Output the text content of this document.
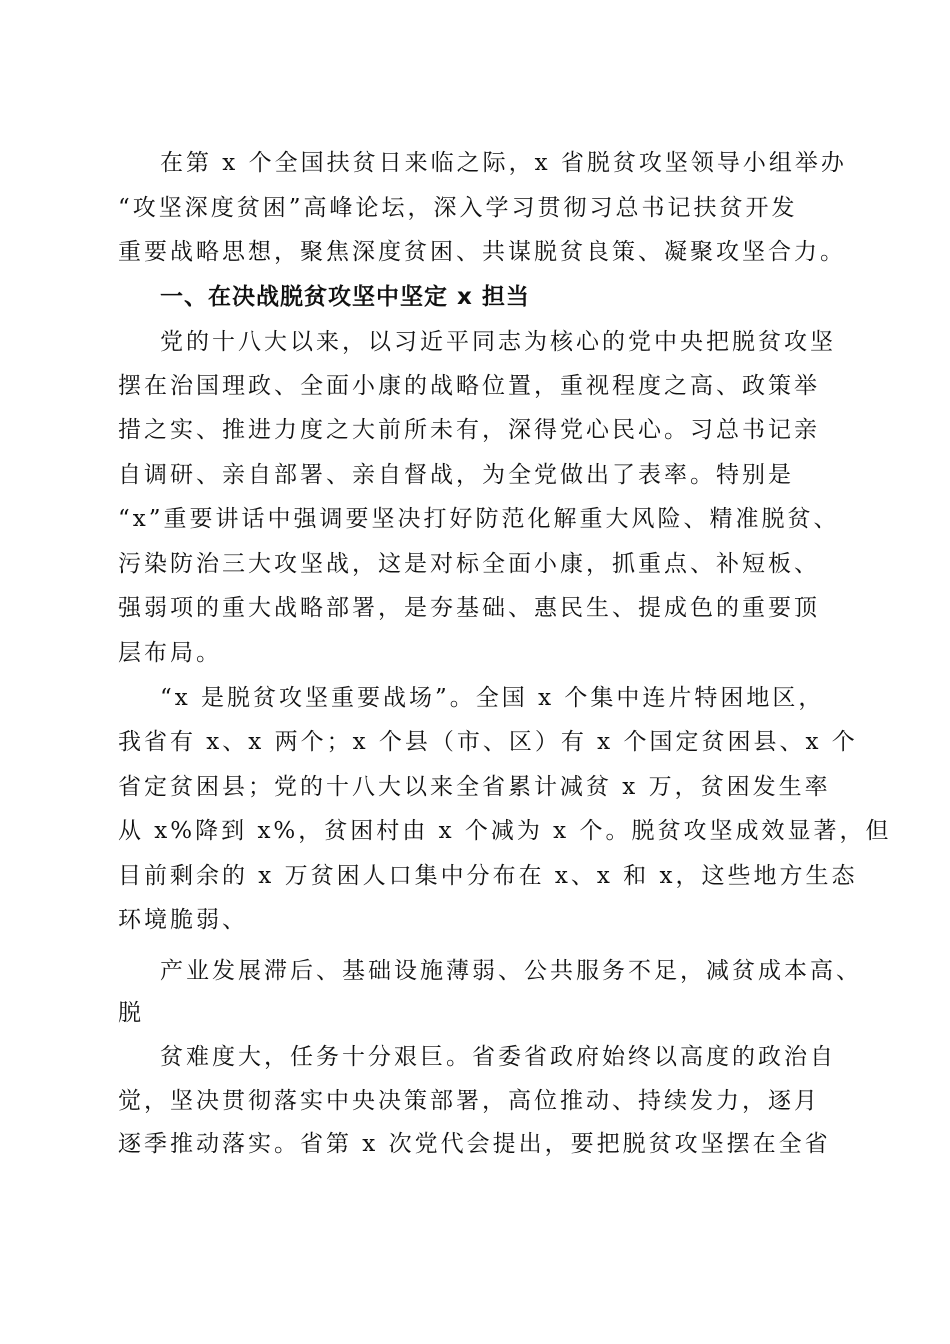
在第 x 个全国扶贫日来临之际，x 省脱贫攻坚领导小组举办
“攻坚深度贫困”高峰论坛，深入学习贯彻习总书记扶贫开发
重要战略思想，聚焦深度贫困、共谋脱贫良策、凝聚攻坚合力。
一、在决战脱贫攻坚中坚定 x 担当
党的十八大以来，以习近平同志为核心的党中央把脱贫攻坚
摆在治国理政、全面小康的战略位置，重视程度之高、政策举
措之实、推进力度之大前所未有，深得党心民心。习总书记亲
自调研、亲自部署、亲自督战，为全党做出了表率。特别是
“x”重要讲话中强调要坚决打好防范化解重大风险、精准脱贫、
污染防治三大攻坚战，这是对标全面小康，抓重点、补短板、
强弱项的重大战略部署，是夯基础、惠民生、提成色的重要顶
层布局。
“x 是脱贫攻坚重要战场”。全国 x 个集中连片特困地区，
我省有 x、x 两个；x 个县（市、区）有 x 个国定贫困县、x 个
省定贫困县；党的十八大以来全省累计减贫 x 万，贫困发生率
从 x%降到 x%，贫困村由 x 个减为 x 个。脱贫攻坚成效显著，但
目前剩余的 x 万贫困人口集中分布在 x、x 和 x，这些地方生态
环境脆弱、
产业发展滞后、基础设施薄弱、公共服务不足，减贫成本高、
脱
贫难度大，任务十分艰巨。省委省政府始终以高度的政治自
觉，坚决贯彻落实中央决策部署，高位推动、持续发力，逐月
逐季推动落实。省第 x 次党代会提出，要把脱贫攻坚摆在全省
